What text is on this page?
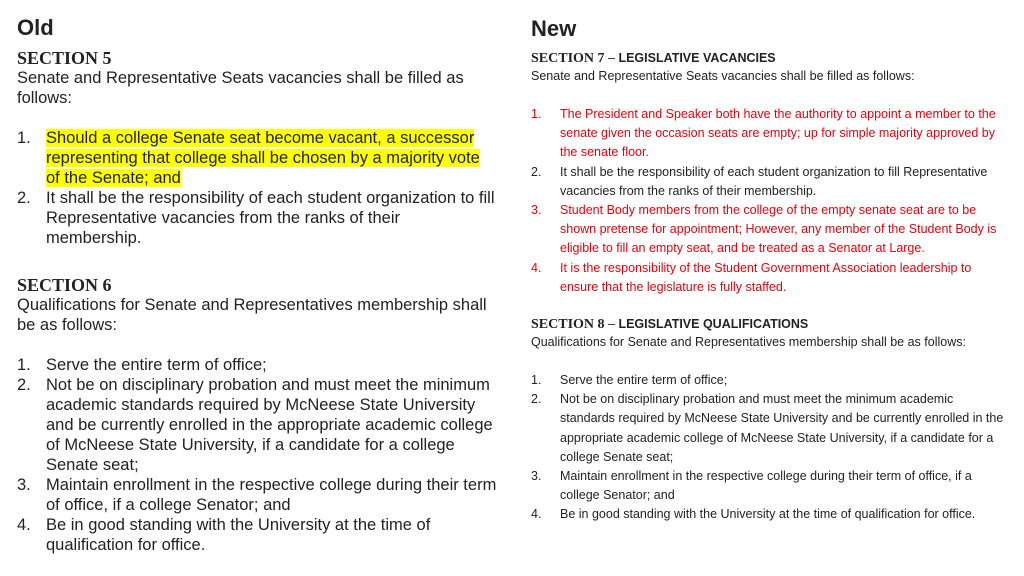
Old
SECTION 5
Senate and Representative Seats vacancies shall be filled as follows:
1. Should a college Senate seat become vacant, a successor representing that college shall be chosen by a majority vote of the Senate; and
2. It shall be the responsibility of each student organization to fill Representative vacancies from the ranks of their membership.
SECTION 6
Qualifications for Senate and Representatives membership shall be as follows:
1. Serve the entire term of office;
2. Not be on disciplinary probation and must meet the minimum academic standards required by McNeese State University and be currently enrolled in the appropriate academic college of McNeese State University, if a candidate for a college Senate seat;
3. Maintain enrollment in the respective college during their term of office, if a college Senator; and
4. Be in good standing with the University at the time of qualification for office.
New
SECTION 7 – LEGISLATIVE VACANCIES
Senate and Representative Seats vacancies shall be filled as follows:
1. The President and Speaker both have the authority to appoint a member to the senate given the occasion seats are empty; up for simple majority approved by the senate floor.
2. It shall be the responsibility of each student organization to fill Representative vacancies from the ranks of their membership.
3. Student Body members from the college of the empty senate seat are to be shown pretense for appointment; However, any member of the Student Body is eligible to fill an empty seat, and be treated as a Senator at Large.
4. It is the responsibility of the Student Government Association leadership to ensure that the legislature is fully staffed.
SECTION 8 – LEGISLATIVE QUALIFICATIONS
Qualifications for Senate and Representatives membership shall be as follows:
1. Serve the entire term of office;
2. Not be on disciplinary probation and must meet the minimum academic standards required by McNeese State University and be currently enrolled in the appropriate academic college of McNeese State University, if a candidate for a college Senate seat;
3. Maintain enrollment in the respective college during their term of office, if a college Senator; and
4. Be in good standing with the University at the time of qualification for office.
